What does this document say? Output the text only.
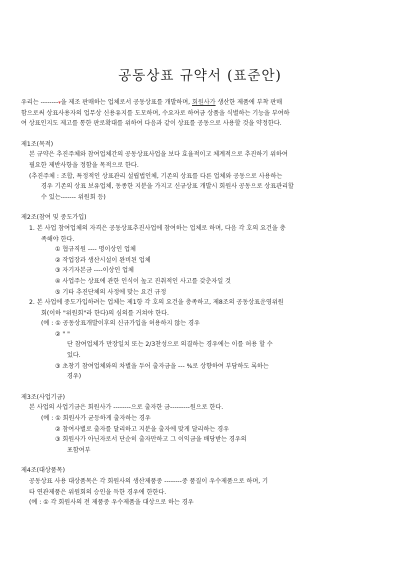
공동상표 규약서 (표준안)
우리는 --------▾을 제조 판매하는 업체로서 공동상표를 개발하며, 회원사가 생산한 제품에 부착 판매
함으로써 상표사용자의 업무상 신용유지를 도모하며, 수요자로 하여금 상품을 식별하는 기능을 부여하
여 상표인지도 제고를 통한 판로확대를 위하여 다음과 같이 상표를 공동으로 사용할 것을 약정한다.
제1조(목적)
본 규약은 추진주체와 참여업체간의 공동상표사업을 보다 효율적이고 체계적으로 추진하기 위하여
필요한 제반사항을 정함을 목적으로 한다.
(추진주체 : 조합, 특정적인 상표관리 설립법인체, 기존의 상표를 다른 업체와 공동으로 사용하는
경우 기존의 상표 보유업체, 동종한 지분을 가지고 신규상표 개발시 회원사 공동으로 상표관리할
수 있는------- 위원회 등)
제2조(참여 및 중도가입)
1. 본 사업 참여업체의 자격은 공동상표추진사업에 참여하는 업체로 하며, 다음 각 호의 요건을 충
족해야 한다.
① 협규직원 ---- 명이상인 업체
② 작업장과 생산시설이 완비된 업체
③ 자기자본금 ----이상인 업체
④ 사업주는 상표에 관한 인식이 높고 진취적인 사고를 갖춘자일 것
⑤ 기타 추진단체의 사정에 맞는 요건 규정
2. 본 사업에 중도가입하려는 업체는 제1항 각 호의 요건을 충족하고, 제8조의 공동상표운영위원
회(이하 "위원회"라 한다)의 심의를 거쳐야 한다.
(예 : ① 공동상표개발이후의 신규가입을 허용하지 않는 경우
② " "
단 참여업체가 만장일치 또는 2/3찬성으로 의결하는 경우에는 이를 허용 할 수
있다.
③ 초창기 참여업체와의 차별을 두어 출자금을 --- %로 상향하여 부담하도 록하는
경우)
제3조(사업기금)
본 사업의 사업기금은 회원사가 --------으로 출자한 금---------원으로 한다.
(예 : ① 회원사가 균등하게 출자하는 경우
② 참여사별로 출자를 달리하고 지분을 출자에 맞게 달리하는 경우
③ 회원사가 아닌자로서 단순히 출자만하고 그 이익금을 배당받는 경우의
포함여부
제4조(대상품목)
공동상표 사용 대상품목은 각 회원사의 생산제품중 --------중 품질이 우수제품으로 하며, 기
타 연관제품은 위원회의 승인을 득한 경우에 한한다.
(예 : ① 각 회원사의 전 제품중 우수제품을 대상으로 하는 경우
